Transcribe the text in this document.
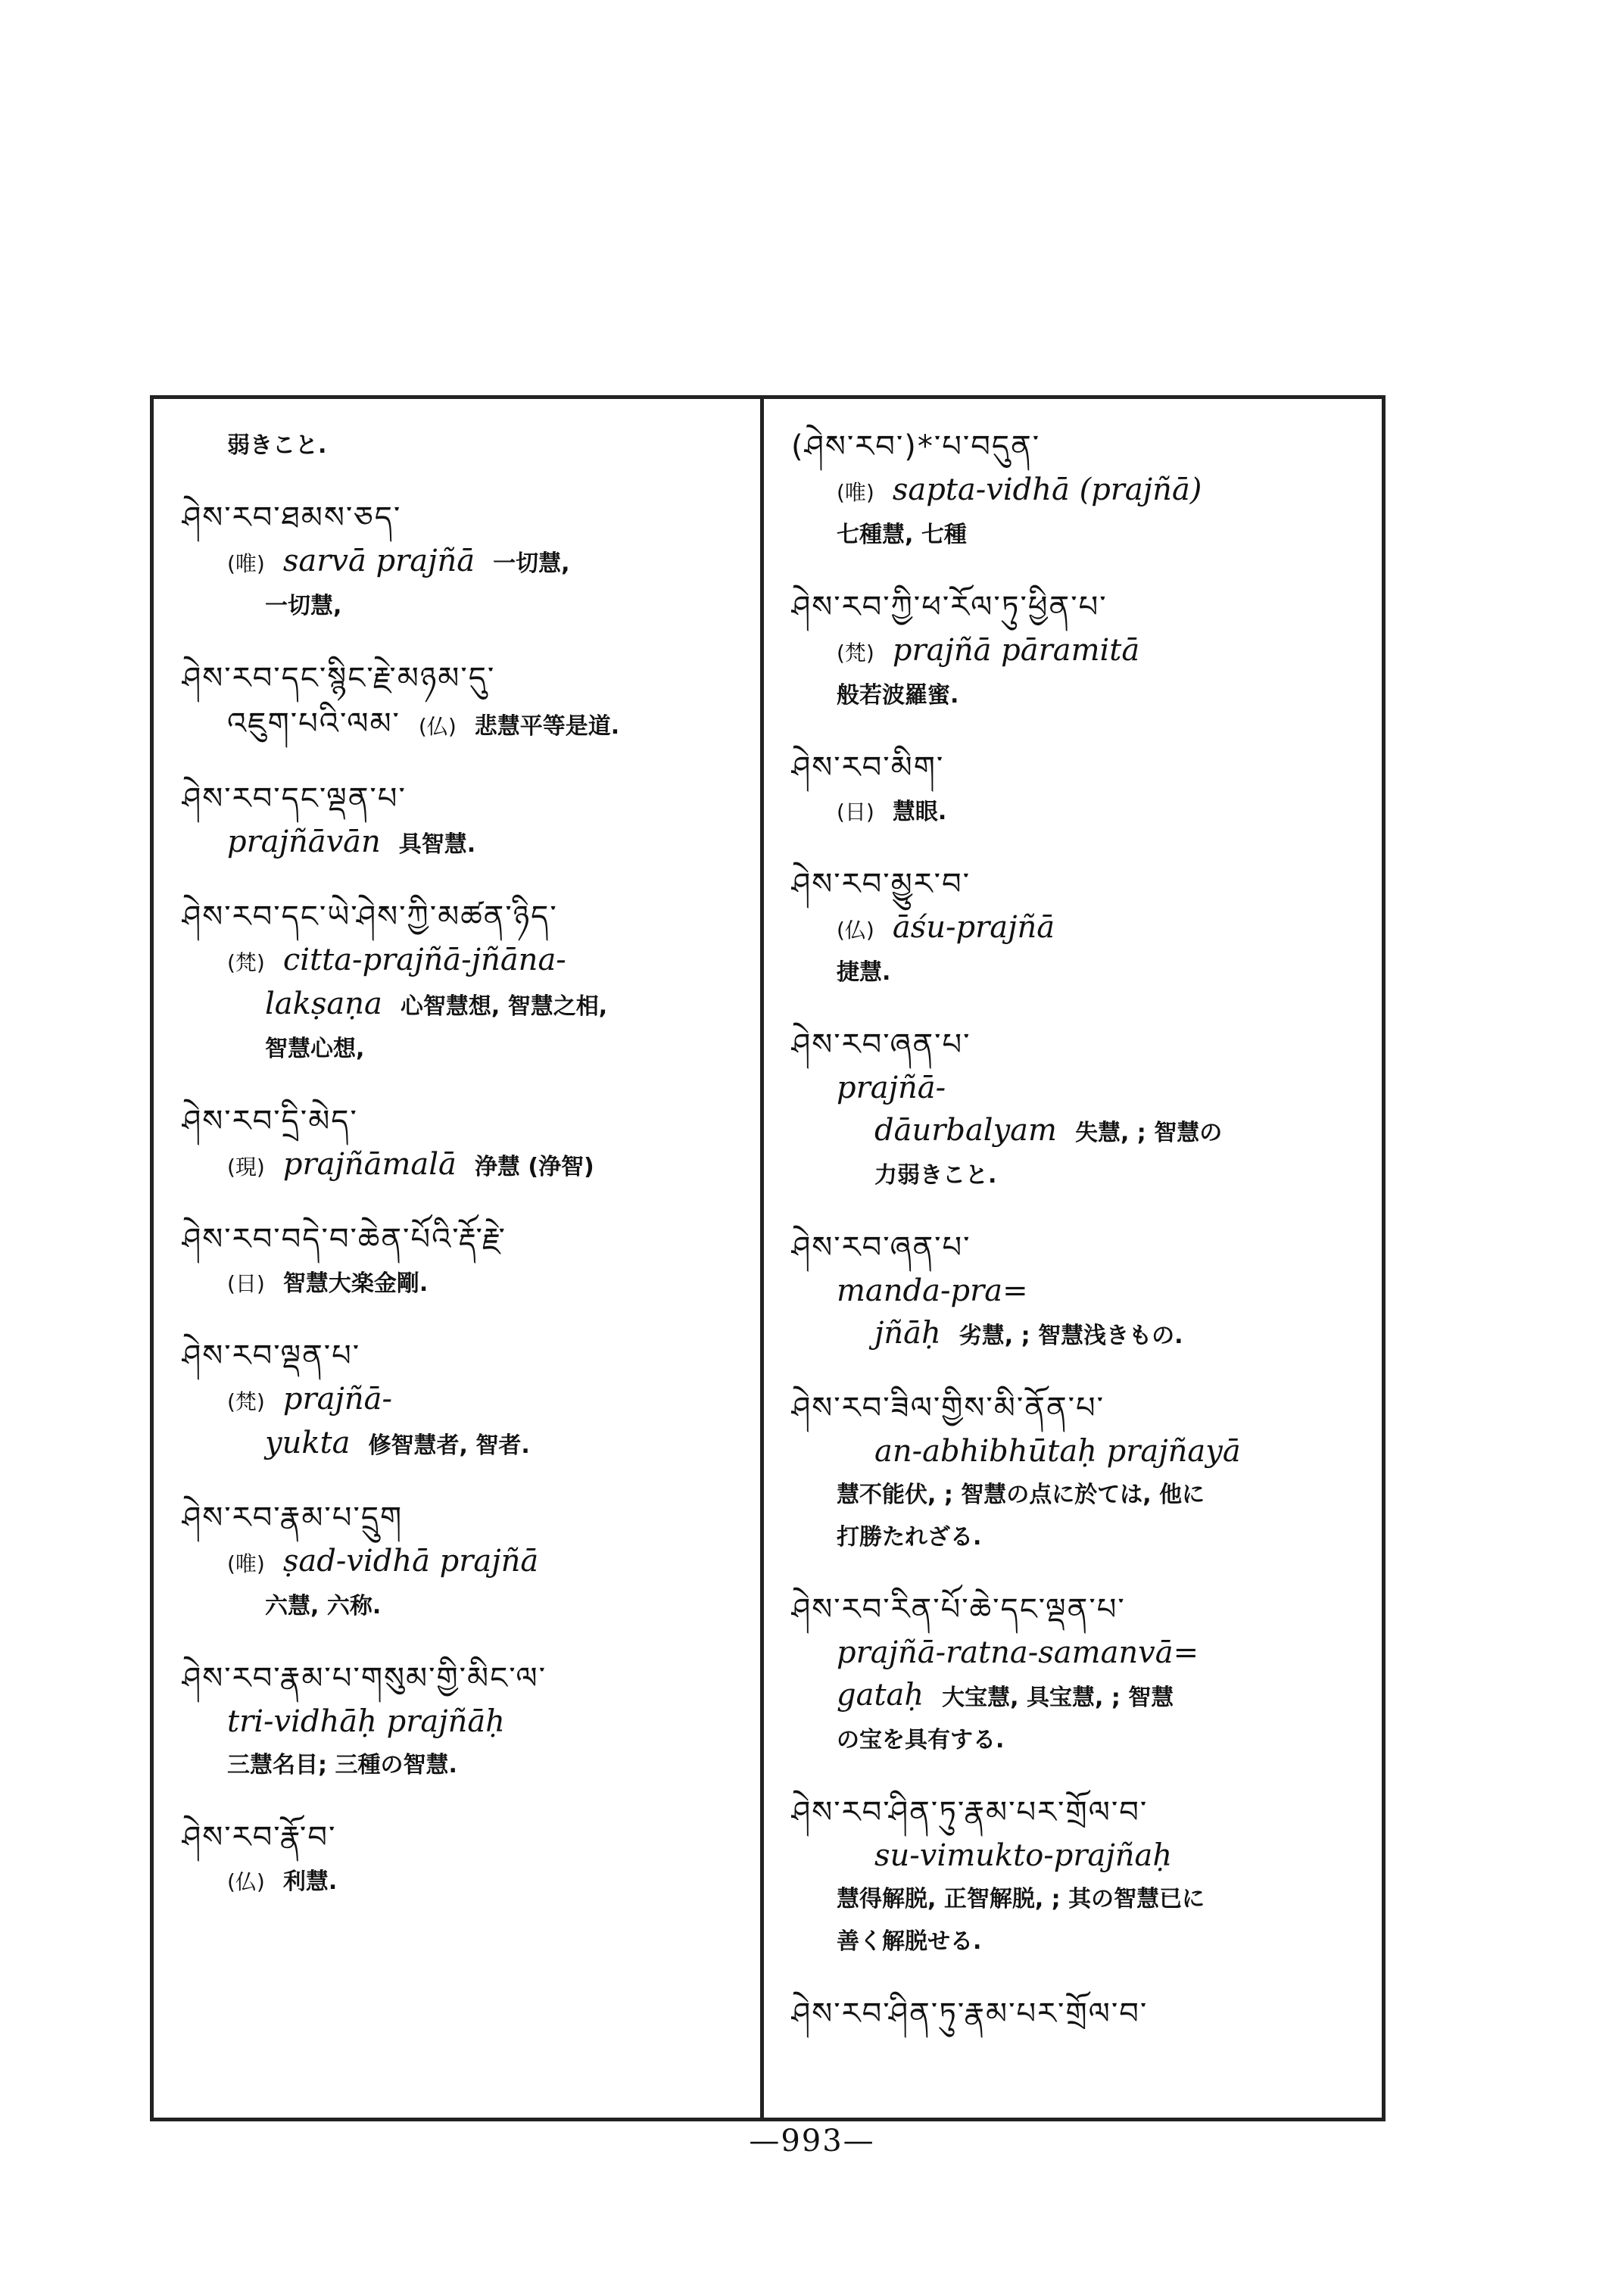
弱きこと.
ཤེས་རབ་ཐམས་ཅད་
(唯) sarvā prajñā 一切慧,
一切慧,
ཤེས་རབ་དང་སྙིང་རྗེ་མཉམ་དུ་
འཇུག་པའི་ལམ་ (仏) 悲慧平等是道.
ཤེས་རབ་དང་ལྡན་པ་
prajñāvān 具智慧.
ཤེས་རབ་དང་ཡེ་ཤེས་ཀྱི་མཚན་ཉིད་
(梵) citta-prajñā-jñāna-
lakṣaṇa 心智慧想, 智慧之相,
智慧心想,
ཤེས་རབ་དྲི་མེད་
(現) prajñāmalā 浄慧 (浄智)
ཤེས་རབ་བདེ་བ་ཆེན་པོའི་རྡོ་རྗེ་
(日) 智慧大楽金剛.
ཤེས་རབ་ལྡན་པ་
(梵) prajñā-
yukta 修智慧者, 智者.
ཤེས་རབ་རྣམ་པ་དྲུག
(唯) ṣad-vidhā prajñā
六慧, 六称.
ཤེས་རབ་རྣམ་པ་གསུམ་གྱི་མིང་ལ་
tri-vidhāḥ prajñāḥ
三慧名目; 三種の智慧.
ཤེས་རབ་རྣོ་བ་
(仏) 利慧.
(ཤེས་རབ་)*་པ་བདུན་
(唯) sapta-vidhā (prajñā)
七種慧, 七種
ཤེས་རབ་ཀྱི་ཕ་རོལ་ཏུ་ཕྱིན་པ་
(梵) prajñā pāramitā
般若波羅蜜.
ཤེས་རབ་མིག་
(日) 慧眼.
ཤེས་རབ་མྱུར་བ་
(仏) āśu-prajñā
捷慧.
ཤེས་རབ་ཞན་པ་
prajñā-
dāurbalyam 失慧, ; 智慧の
力弱きこと.
ཤེས་རབ་ཞན་པ་
manda-pra=
jñāḥ 劣慧, ; 智慧浅きもの.
ཤེས་རབ་ཟིལ་གྱིས་མི་ནོན་པ་
an-abhibhūtaḥ prajñayā
慧不能伏, ; 智慧の点に於ては, 他に
打勝たれざる.
ཤེས་རབ་རིན་པོ་ཆེ་དང་ལྡན་པ་
prajñā-ratna-samanvā=
gataḥ 大宝慧, 具宝慧, ; 智慧
の宝を具有する.
ཤེས་རབ་ཤིན་ཏུ་རྣམ་པར་གྲོལ་བ་
su-vimukto-prajñaḥ
慧得解脱, 正智解脱, ; 其の智慧已に
善く解脱せる.
ཤེས་རབ་ཤིན་ཏུ་རྣམ་པར་གྲོལ་བ་
—993—
